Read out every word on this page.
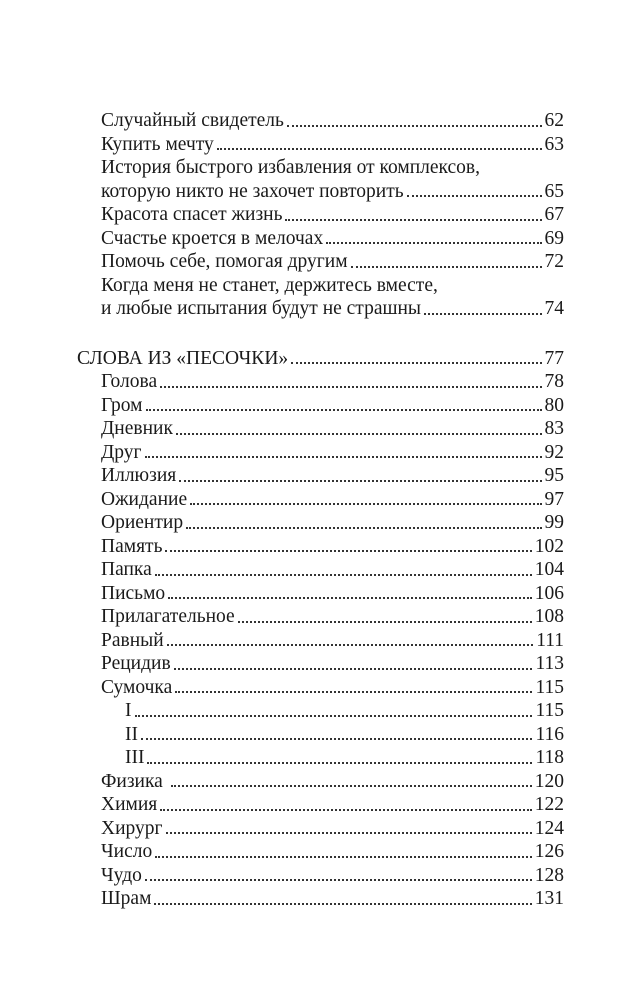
Случайный свидетель	62
Купить мечту	63
История быстрого избавления от комплексов,
которую никто не захочет повторить	65
Красота спасет жизнь	67
Счастье кроется в мелочах	69
Помочь себе, помогая другим	72
Когда меня не станет, держитесь вместе,
и любые испытания будут не страшны	74
СЛОВА ИЗ «ПЕСОЧКИ»	77
Голова	78
Гром	80
Дневник	83
Друг	92
Иллюзия	95
Ожидание	97
Ориентир	99
Память	102
Папка	104
Письмо	106
Прилагательное	108
Равный	111
Рецидив	113
Сумочка	115
I	115
II	116
III	118
Физика	120
Химия	122
Хирург	124
Число	126
Чудо	128
Шрам	131
